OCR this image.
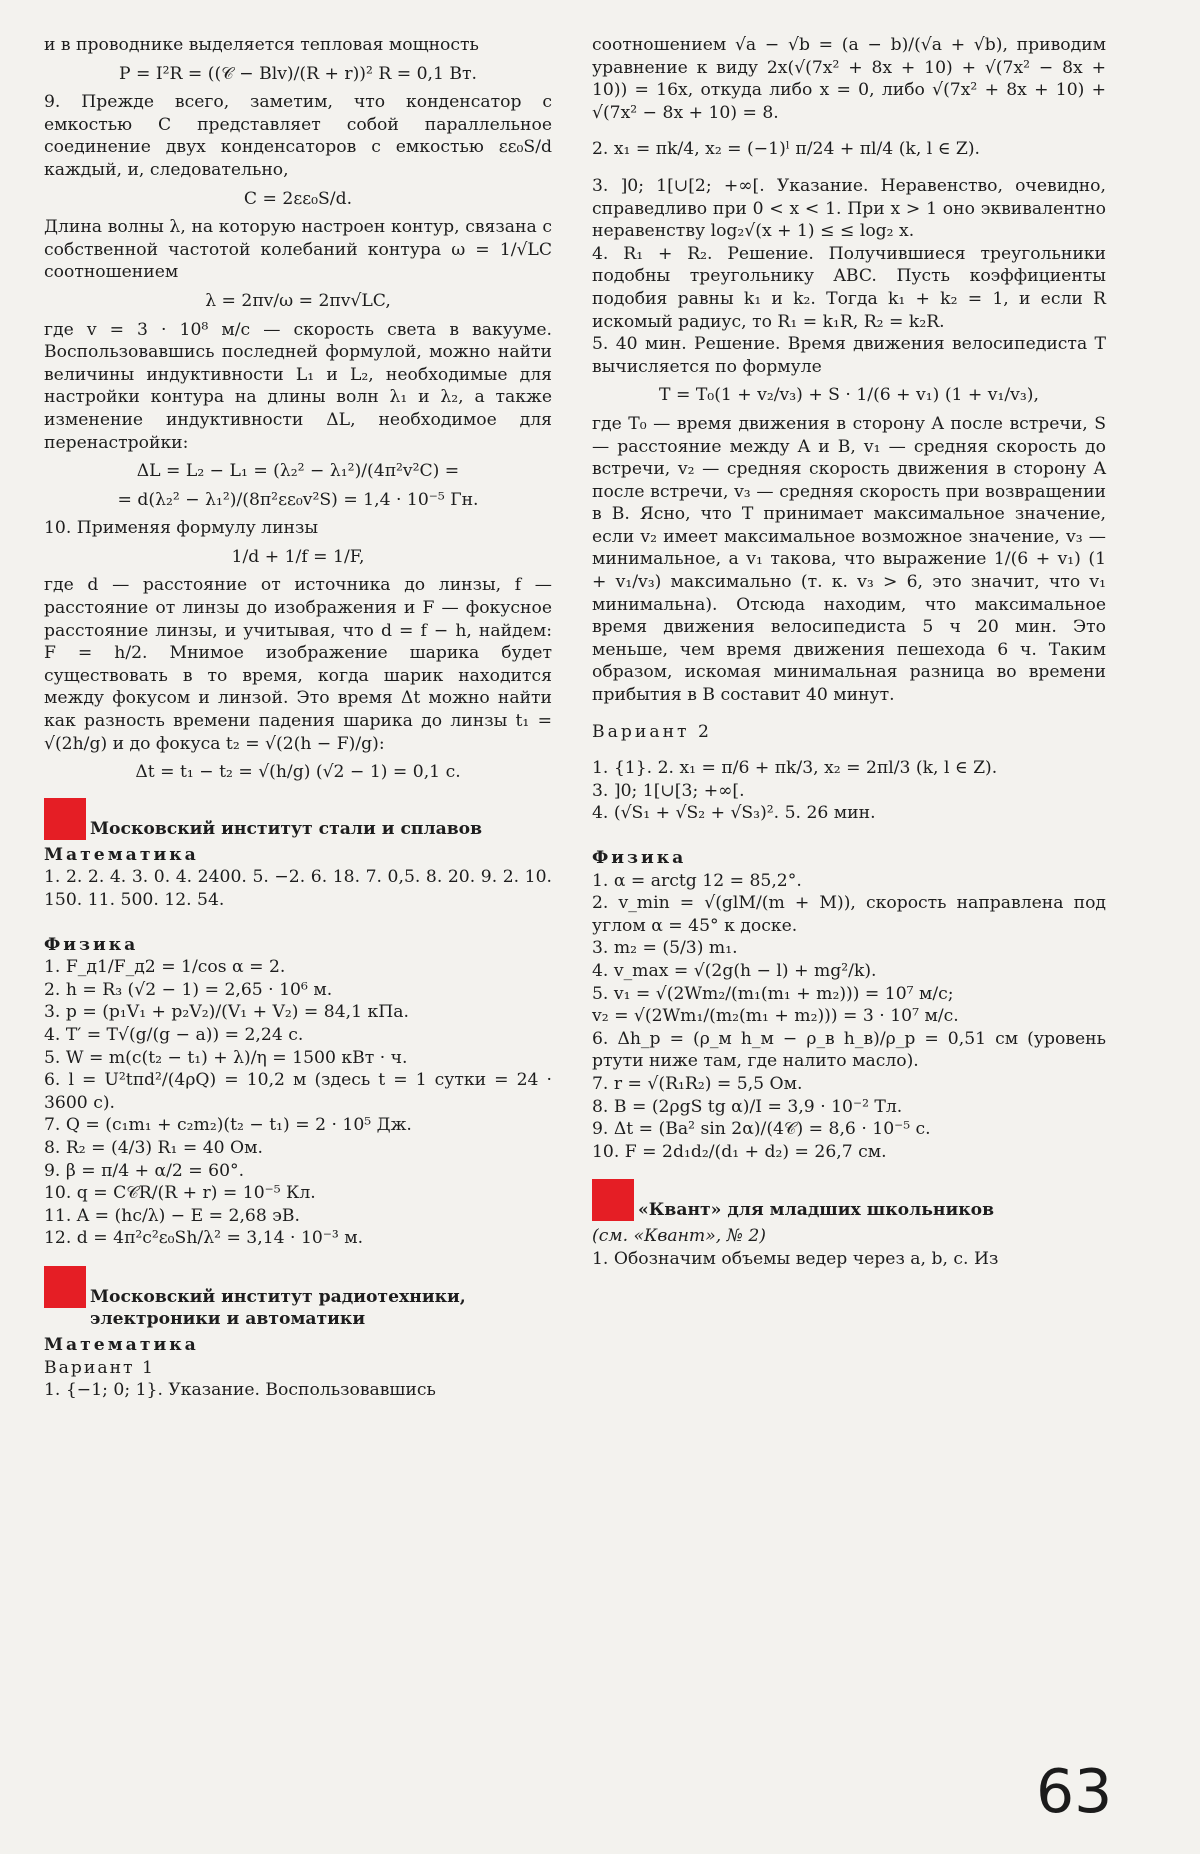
и в проводнике выделяется тепловая мощность

P = I²R = ((𝒞 − Blv)/(R + r))² R = 0,1 Вт.

9. Прежде всего, заметим, что конденсатор с емкостью C представляет собой параллельное соединение двух конденсаторов с емкостью εε₀S/d каждый, и, следовательно,

C = 2εε₀S/d.

Длина волны λ, на которую настроен контур, связана с собственной частотой колебаний контура ω = 1/√LC соотношением

λ = 2πv/ω = 2πv√LC,

где v = 3 · 10⁸ м/с — скорость света в вакууме. Воспользовавшись последней формулой, можно найти величины индуктивности L₁ и L₂, необходимые для настройки контура на длины волн λ₁ и λ₂, а также изменение индуктивности ΔL, необходимое для перенастройки:

ΔL = L₂ − L₁ = (λ₂² − λ₁²)/(4π²v²C) =
= d(λ₂² − λ₁²)/(8π²εε₀v²S) = 1,4 · 10⁻⁵ Гн.

10. Применяя формулу линзы

1/d + 1/f = 1/F,

где d — расстояние от источника до линзы, f — расстояние от линзы до изображения и F — фокусное расстояние линзы, и учитывая, что d = f − h, найдем: F = h/2. Мнимое изображение шарика будет существовать в то время, когда шарик находится между фокусом и линзой. Это время Δt можно найти как разность времени падения шарика до линзы t₁ = √(2h/g) и до фокуса t₂ = √(2(h − F)/g):

Δt = t₁ − t₂ = √(h/g) (√2 − 1) = 0,1 с.
Московский институт стали и сплавов
Математика

1. 2. 2. 4. 3. 0. 4. 2400. 5. −2. 6. 18. 7. 0,5. 8. 20. 9. 2. 10. 150. 11. 500. 12. 54.

Физика

1. F_д1/F_д2 = 1/cos α = 2.

2. h = R₃ (√2 − 1) = 2,65 · 10⁶ м.

3. p = (p₁V₁ + p₂V₂)/(V₁ + V₂) = 84,1 кПа.

4. T′ = T√(g/(g − a)) = 2,24 с.

5. W = m(c(t₂ − t₁) + λ)/η = 1500 кВт · ч.

6. l = U²tπd²/(4ρQ) = 10,2 м (здесь t = 1 сутки = 24 · 3600 с).

7. Q = (c₁m₁ + c₂m₂)(t₂ − t₁) = 2 · 10⁵ Дж.

8. R₂ = (4/3) R₁ = 40 Ом.

9. β = π/4 + α/2 = 60°.

10. q = C𝒞R/(R + r) = 10⁻⁵ Кл.

11. A = (hc/λ) − E = 2,68 эВ.

12. d = 4π²c²ε₀Sh/λ² = 3,14 · 10⁻³ м.

Московский институт радиотехники, электроники и автоматики
Математика
Вариант 1

1. {−1; 0; 1}. Указание. Воспользовавшись

соотношением √a − √b = (a − b)/(√a + √b), приводим уравнение к виду 2x(√(7x² + 8x + 10) + √(7x² − 8x + 10)) = 16x, откуда либо x = 0, либо √(7x² + 8x + 10) + √(7x² − 8x + 10) = 8.

2. x₁ = πk/4, x₂ = (−1)ˡ π/24 + πl/4 (k, l ∈ Z).

3. ]0; 1[∪[2; +∞[. Указание. Неравенство, очевидно, справедливо при 0 < x < 1. При x > 1 оно эквивалентно неравенству log₂√(x + 1) ≤ ≤ log₂ x.

4. R₁ + R₂. Решение. Получившиеся треугольники подобны треугольнику ABC. Пусть коэффициенты подобия равны k₁ и k₂. Тогда k₁ + k₂ = 1, и если R искомый радиус, то R₁ = k₁R, R₂ = k₂R.

5. 40 мин. Решение. Время движения велосипедиста T вычисляется по формуле

T = T₀(1 + v₂/v₃) + S · 1/(6 + v₁) (1 + v₁/v₃),

где T₀ — время движения в сторону A после встречи, S — расстояние между A и B, v₁ — средняя скорость до встречи, v₂ — средняя скорость движения в сторону A после встречи, v₃ — средняя скорость при возвращении в B. Ясно, что T принимает максимальное значение, если v₂ имеет максимальное возможное значение, v₃ — минимальное, а v₁ такова, что выражение 1/(6 + v₁) (1 + v₁/v₃) максимально (т. к. v₃ > 6, это значит, что v₁ минимальна). Отсюда находим, что максимальное время движения велосипедиста 5 ч 20 мин. Это меньше, чем время движения пешехода 6 ч. Таким образом, искомая минимальная разница во времени прибытия в B составит 40 минут.

Вариант 2

1. {1}. 2. x₁ = π/6 + πk/3, x₂ = 2πl/3 (k, l ∈ Z).

3. ]0; 1[∪[3; +∞[.

4. (√S₁ + √S₂ + √S₃)². 5. 26 мин.

Физика

1. α = arctg 12 = 85,2°.

2. v_min = √(glM/(m + M)), скорость направлена под углом α = 45° к доске.

3. m₂ = (5/3) m₁.

4. v_max = √(2g(h − l) + mg²/k).

5. v₁ = √(2Wm₂/(m₁(m₁ + m₂))) = 10⁷ м/с;

v₂ = √(2Wm₁/(m₂(m₁ + m₂))) = 3 · 10⁷ м/с.

6. Δh_р = (ρ_м h_м − ρ_в h_в)/ρ_р = 0,51 см (уровень ртути ниже там, где налито масло).

7. r = √(R₁R₂) = 5,5 Ом.

8. B = (2ρgS tg α)/I = 3,9 · 10⁻² Тл.

9. Δt = (Ba² sin 2α)/(4𝒞) = 8,6 · 10⁻⁵ с.

10. F = 2d₁d₂/(d₁ + d₂) = 26,7 см.

«Квант» для младших школьников
(см. «Квант», № 2)

1. Обозначим объемы ведер через a, b, c. Из

63
